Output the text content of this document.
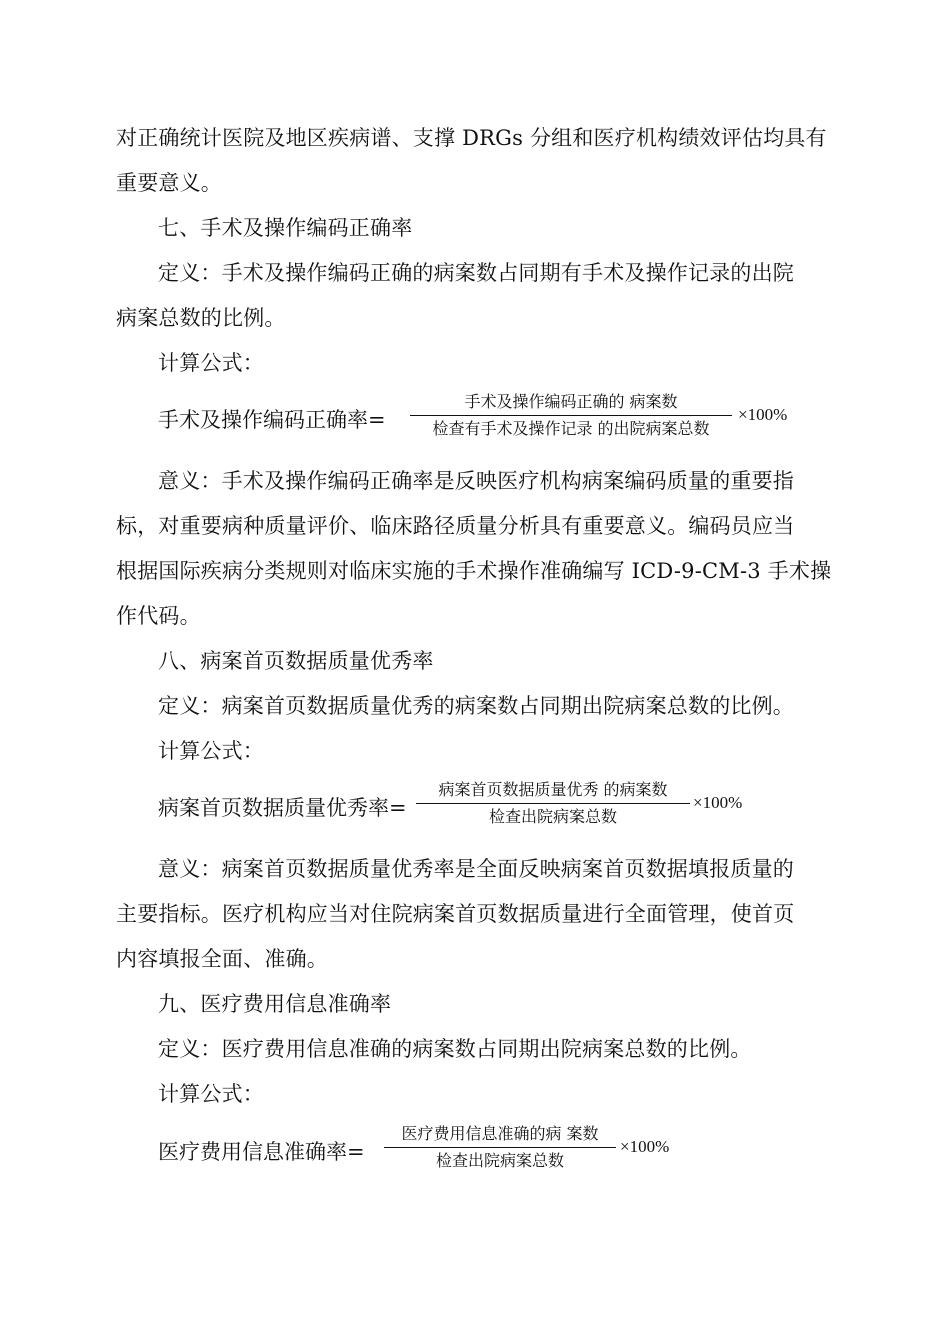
对正确统计医院及地区疾病谱、支撑 DRGs 分组和医疗机构绩效评估均具有
重要意义。
七、手术及操作编码正确率
定义：手术及操作编码正确的病案数占同期有手术及操作记录的出院
病案总数的比例。
计算公式：
手术及操作编码正确率=
手术及操作编码正确的 病案数
检查有手术及操作记录 的出院病案总数
×100%
意义：手术及操作编码正确率是反映医疗机构病案编码质量的重要指
标，对重要病种质量评价、临床路径质量分析具有重要意义。编码员应当
根据国际疾病分类规则对临床实施的手术操作准确编写 ICD-9-CM-3 手术操
作代码。
八、病案首页数据质量优秀率
定义：病案首页数据质量优秀的病案数占同期出院病案总数的比例。
计算公式：
病案首页数据质量优秀率=
病案首页数据质量优秀 的病案数
检查出院病案总数
×100%
意义：病案首页数据质量优秀率是全面反映病案首页数据填报质量的
主要指标。医疗机构应当对住院病案首页数据质量进行全面管理，使首页
内容填报全面、准确。
九、医疗费用信息准确率
定义：医疗费用信息准确的病案数占同期出院病案总数的比例。
计算公式：
医疗费用信息准确率=
医疗费用信息准确的病 案数
检查出院病案总数
×100%
